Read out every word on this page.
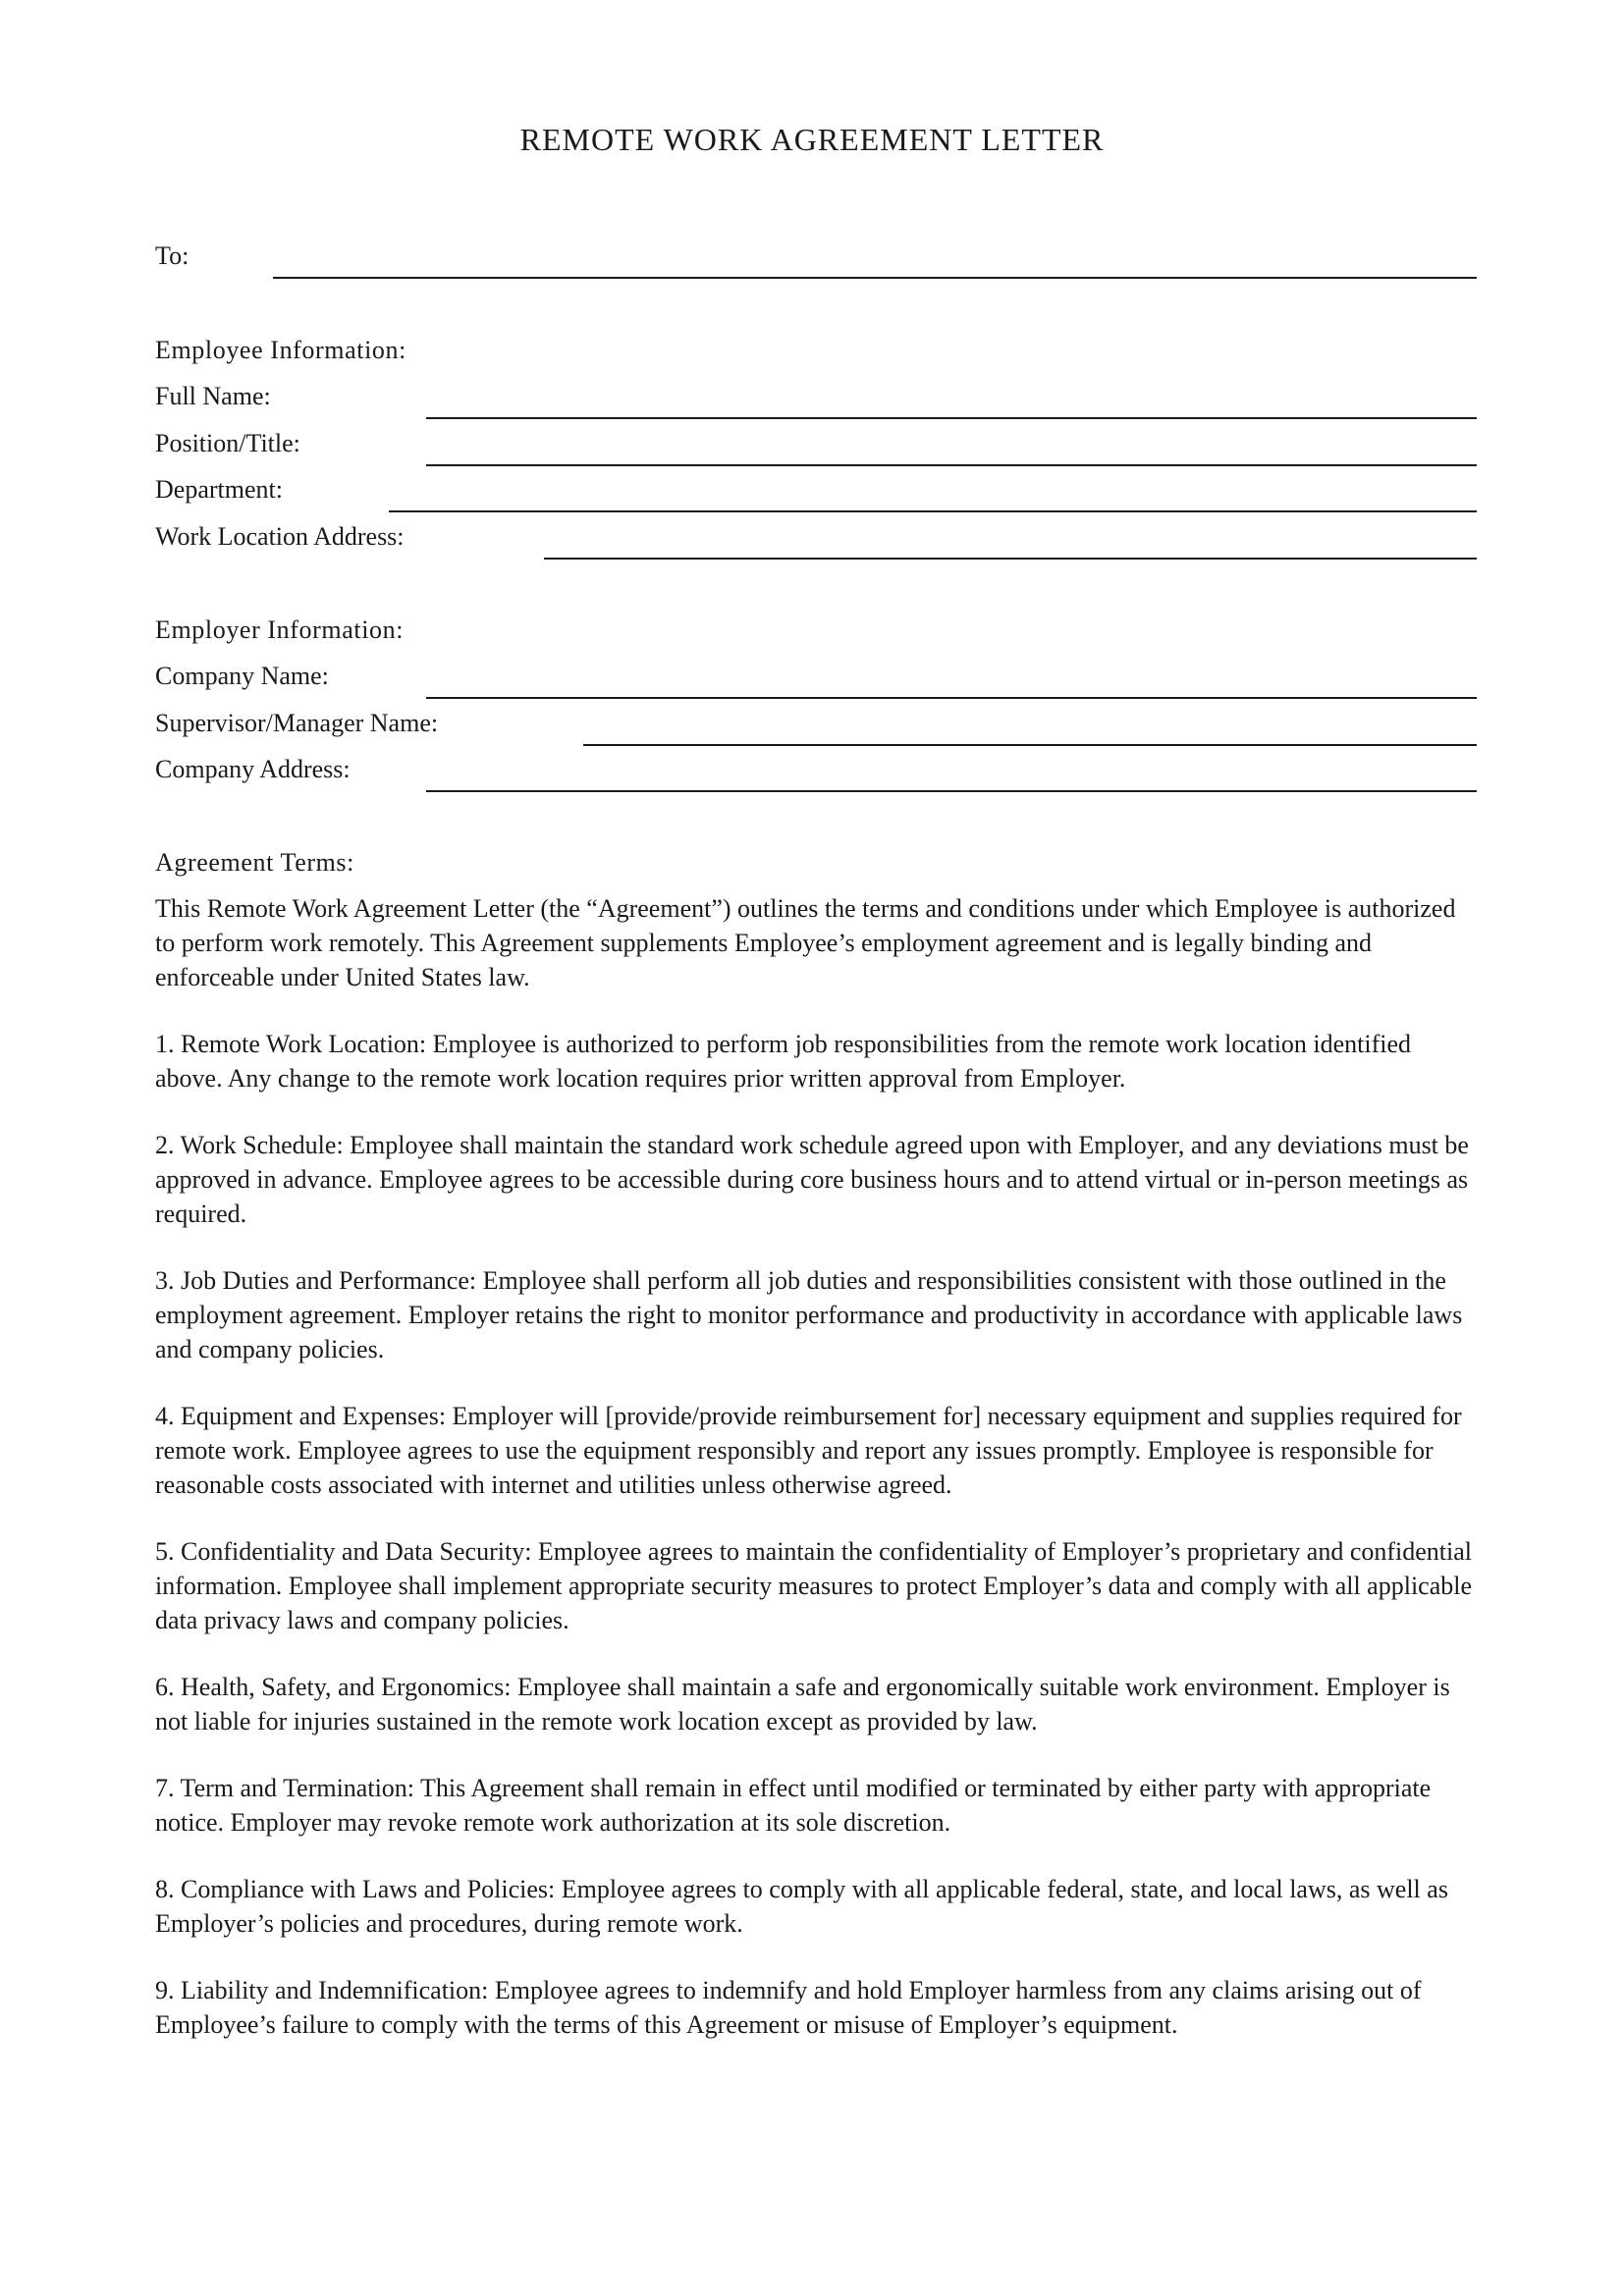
REMOTE WORK AGREEMENT LETTER
To:
Employee Information:
Full Name:
Position/Title:
Department:
Work Location Address:
Employer Information:
Company Name:
Supervisor/Manager Name:
Company Address:
Agreement Terms:

This Remote Work Agreement Letter (the “Agreement”) outlines the terms and conditions under which Employee is authorized to perform work remotely. This Agreement supplements Employee’s employment agreement and is legally binding and enforceable under United States law.

1. Remote Work Location: Employee is authorized to perform job responsibilities from the remote work location identified above. Any change to the remote work location requires prior written approval from Employer.

2. Work Schedule: Employee shall maintain the standard work schedule agreed upon with Employer, and any deviations must be approved in advance. Employee agrees to be accessible during core business hours and to attend virtual or in-person meetings as required.

3. Job Duties and Performance: Employee shall perform all job duties and responsibilities consistent with those outlined in the employment agreement. Employer retains the right to monitor performance and productivity in accordance with applicable laws and company policies.

4. Equipment and Expenses: Employer will [provide/provide reimbursement for] necessary equipment and supplies required for remote work. Employee agrees to use the equipment responsibly and report any issues promptly. Employee is responsible for reasonable costs associated with internet and utilities unless otherwise agreed.

5. Confidentiality and Data Security: Employee agrees to maintain the confidentiality of Employer’s proprietary and confidential information. Employee shall implement appropriate security measures to protect Employer’s data and comply with all applicable data privacy laws and company policies.

6. Health, Safety, and Ergonomics: Employee shall maintain a safe and ergonomically suitable work environment. Employer is not liable for injuries sustained in the remote work location except as provided by law.

7. Term and Termination: This Agreement shall remain in effect until modified or terminated by either party with appropriate notice. Employer may revoke remote work authorization at its sole discretion.

8. Compliance with Laws and Policies: Employee agrees to comply with all applicable federal, state, and local laws, as well as Employer’s policies and procedures, during remote work.

9. Liability and Indemnification: Employee agrees to indemnify and hold Employer harmless from any claims arising out of Employee’s failure to comply with the terms of this Agreement or misuse of Employer’s equipment.
